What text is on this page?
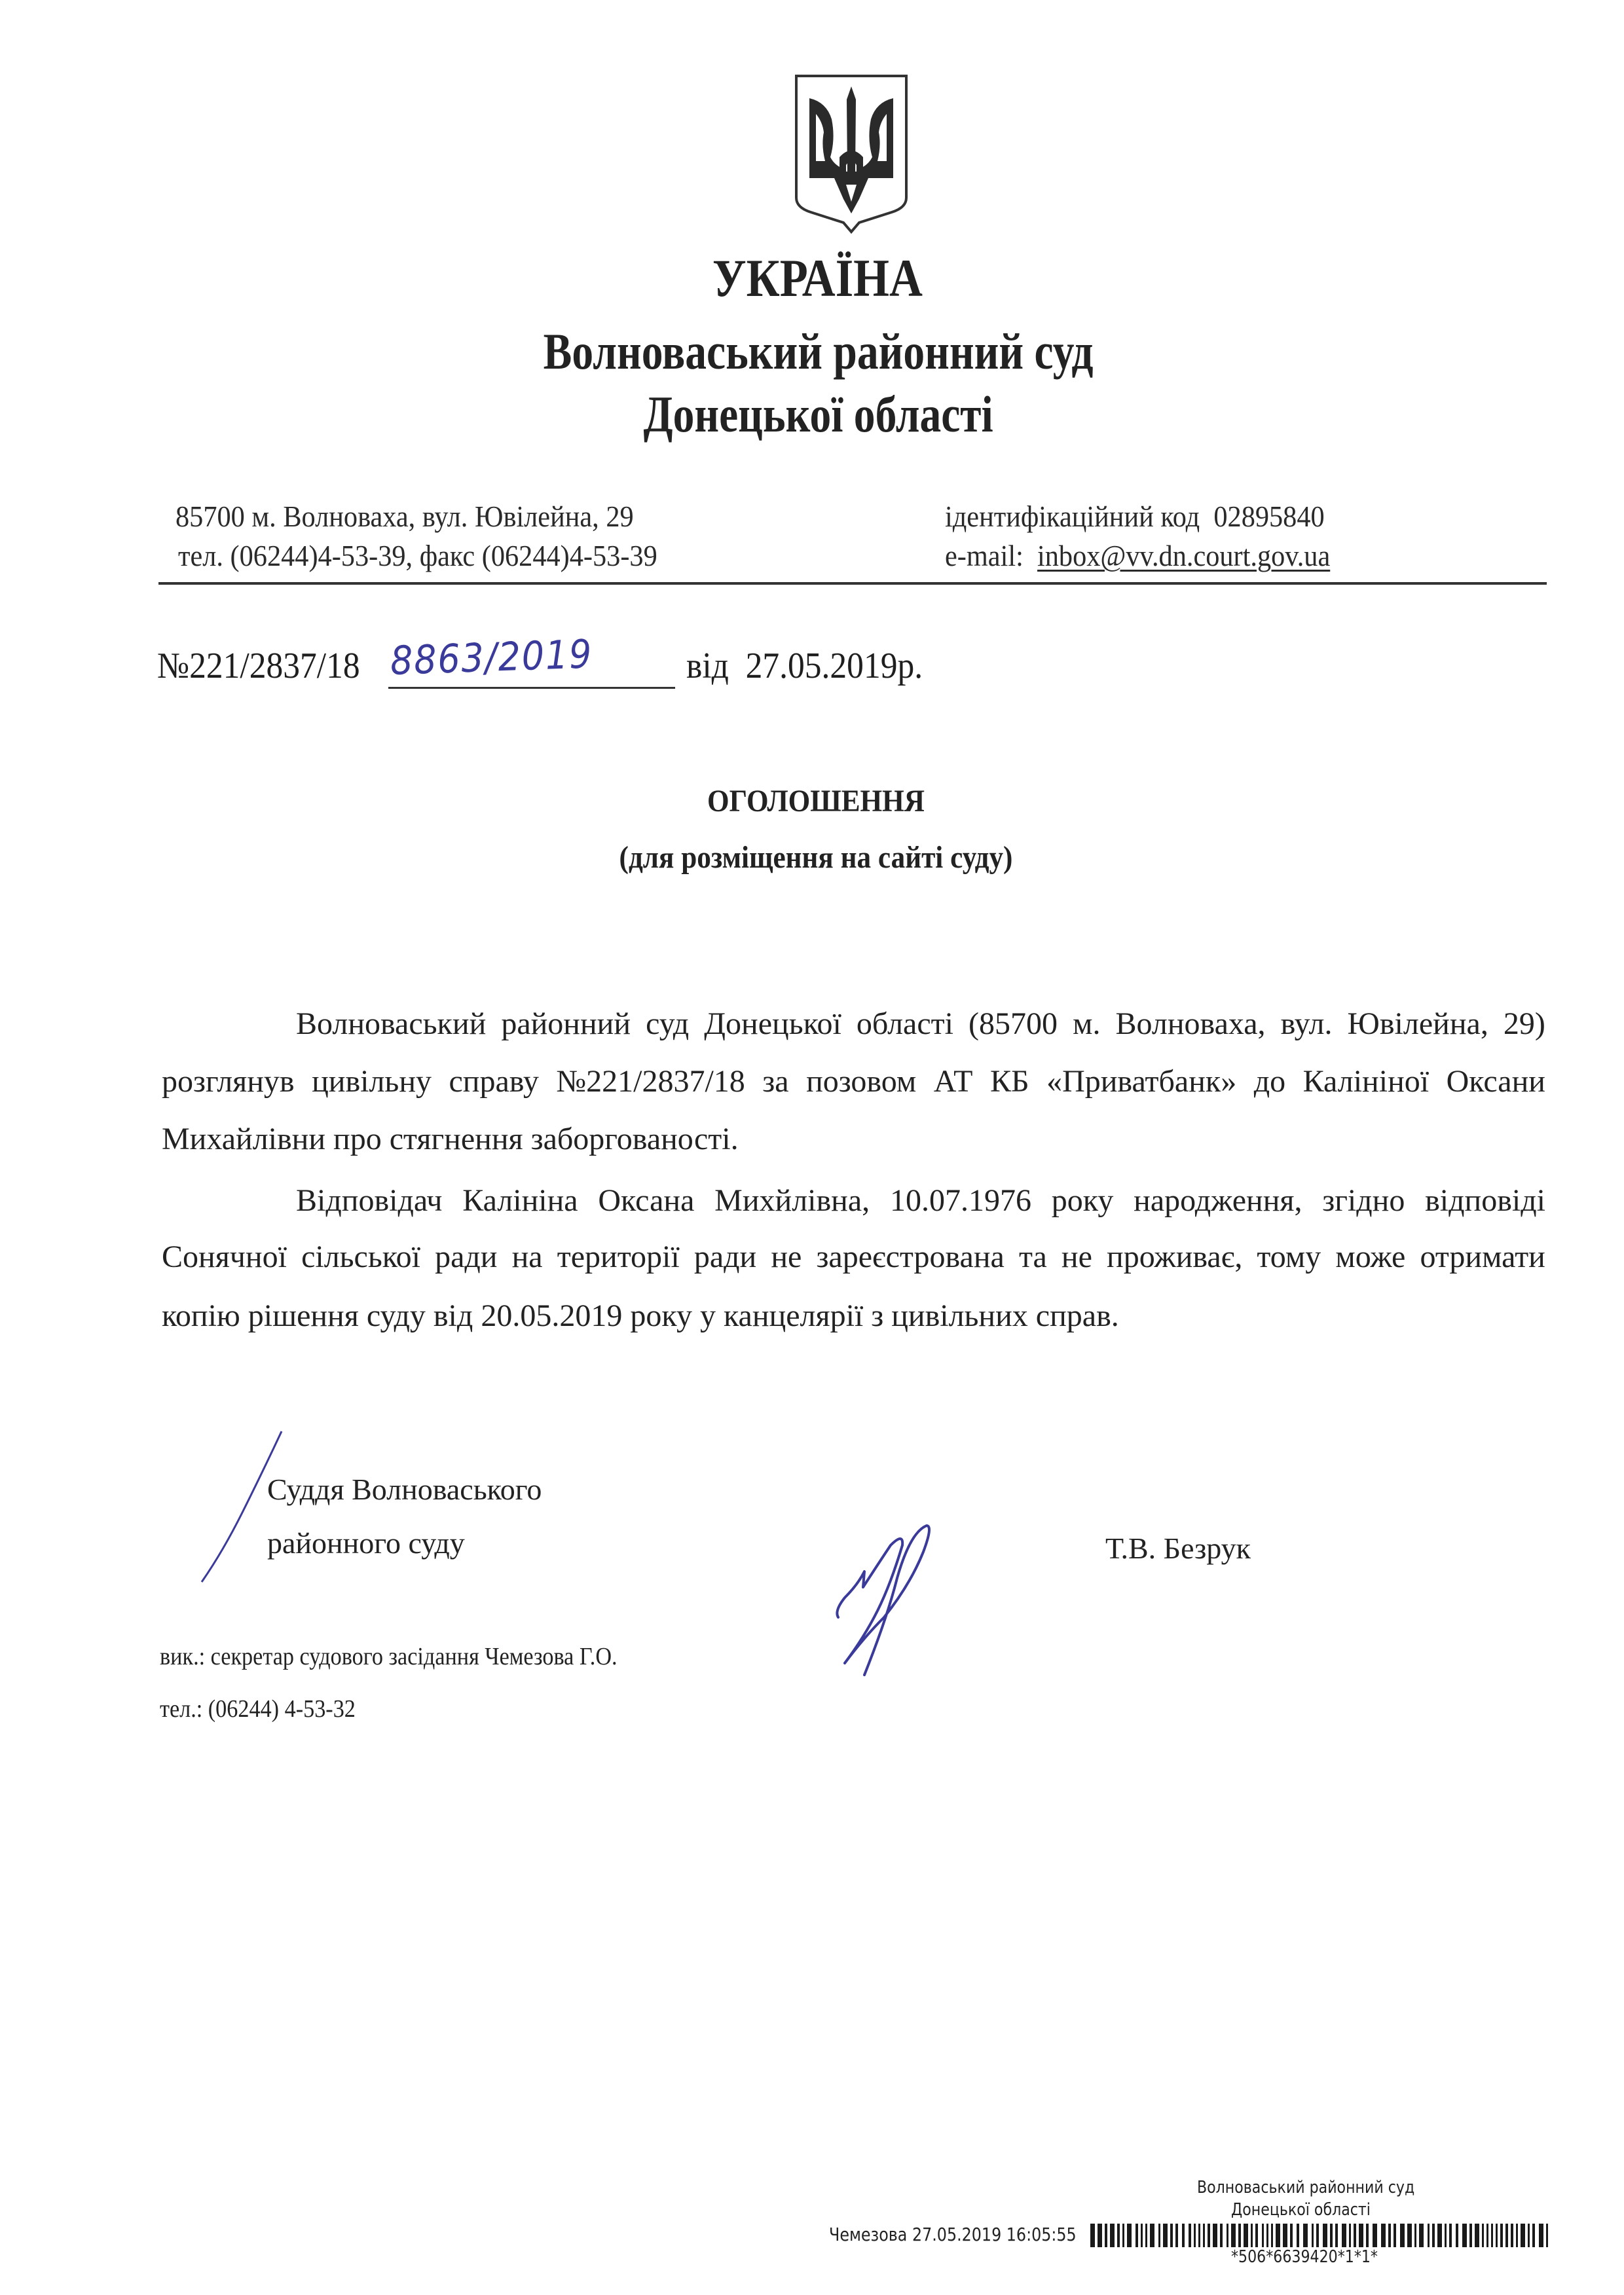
УКРАЇНА
Волноваський районний суд
Донецької області
85700 м. Волноваха, вул. Ювілейна, 29
тел. (06244)4-53-39, факс (06244)4-53-39
ідентифікаційний код 02895840
e-mail: inbox@vv.dn.court.gov.ua
№221/2837/18 8863/2019	від 27.05.2019р.
ОГОЛОШЕННЯ
(для розміщення на сайті суду)
Волноваський районний суд Донецької області (85700 м. Волноваха, вул. Ювілейна, 29)
розглянув цивільну справу №221/2837/18 за позовом АТ КБ «Приватбанк» до Калініної Оксани
Михайлівни про стягнення заборгованості.
Відповідач Калініна Оксана Михйлівна, 10.07.1976 року народження, згідно відповіді
Сонячної сільської ради на території ради не зареєстрована та не проживає, тому може отримати
копію рішення суду від 20.05.2019 року у канцелярії з цивільних справ.
Суддя Волноваського
районного суду	Т.В. Безрук
вик.: секретар судового засідання Чемезова Г.О.
тел.: (06244) 4-53-32
Волноваський районний суд
Донецької області
Чемезова 27.05.2019 16:05:55
*506*6639420*1*1*
